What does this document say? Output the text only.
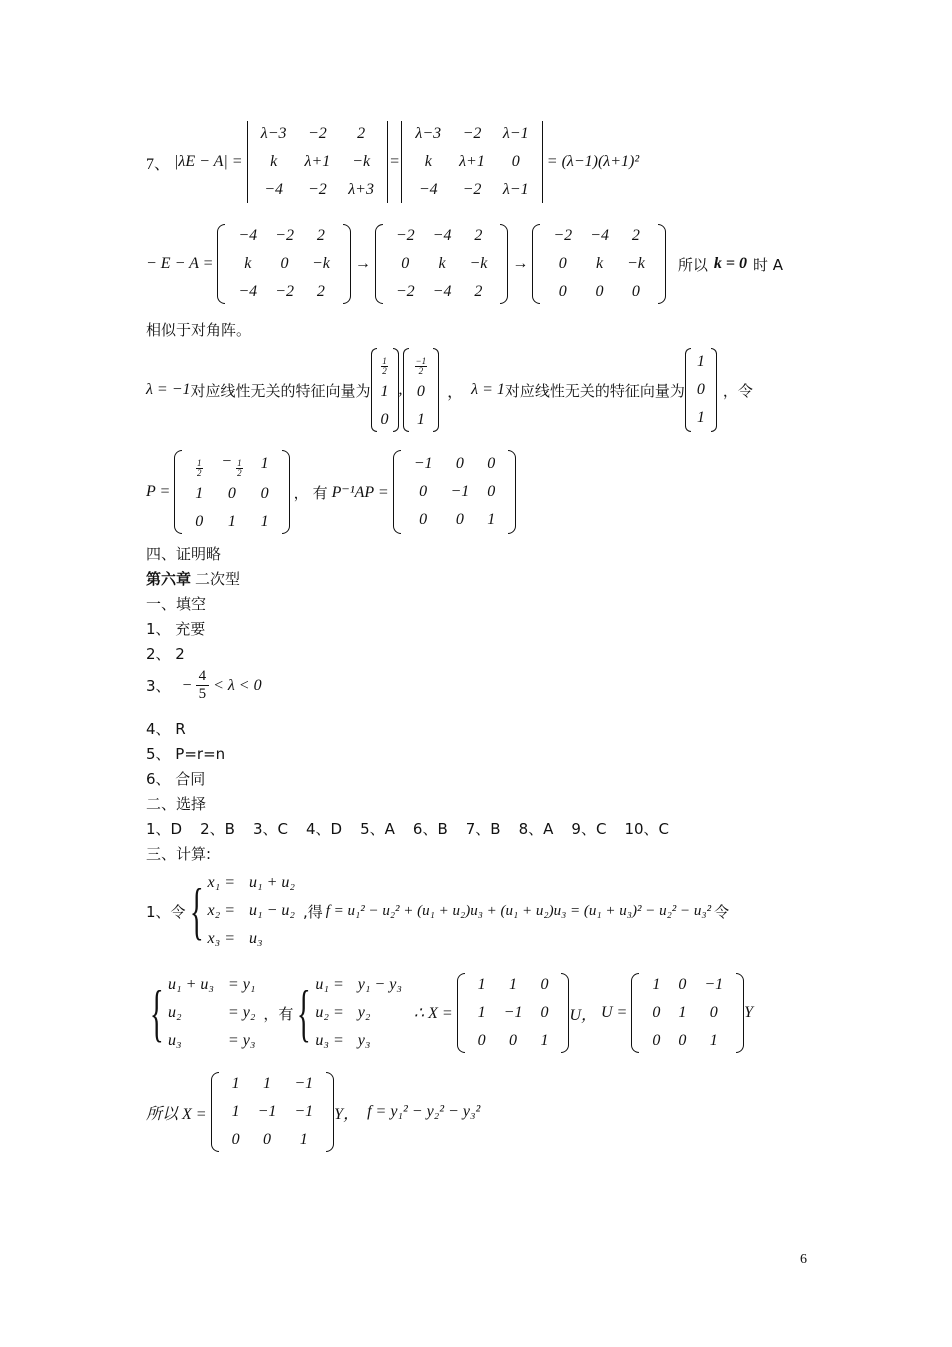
7、 |λE − A| =
λ−3	−2	2
k	λ+1	−k
−4	−2	λ+3
=
λ−3	−2	λ−1
k	λ+1	0
−4	−2	λ−1
= (λ−1)(λ+1)²
− E − A =
−4	−2	2
k	0	−k
−4	−2	2
→
−2	−4	2
0	k	−k
−2	−4	2
→
−2	−4	2
0	k	−k
0	0	0
所以 k = 0 时 A
相似于对角阵。
λ = −1 对应线性无关的特征向量为
$\frac{1}{2}$

1
0
,
$\frac{-1}{2}$

0
1
， λ = 1 对应线性无关的特征向量为
1
0
1
， 令
P =
$\frac{1}{2}$	− $\frac{1}{2}$	1
1	0	0
0	1	1
， 有 P⁻¹AP =
−1	0	0
0	−1	0
0	0	1
四、证明略
第六章 二次型
一、填空
1、 充要
2、 2
3、 − $\frac{4}{5} < \lambda < 0$
4、 R
5、 P=r=n
6、 合同
二、选择
1、D 2、B 3、C 4、D 5、A 6、B 7、B 8、A 9、C 10、C
三、计算:
1、令 { x₁ =	u₁ + u₂
x₂ =	u₁ − u₂
x₃ =	u₃
,得 f = u₁² − u₂² + (u₁ + u₂)u₃ + (u₁ + u₂)u₃ = (u₁ + u₃)² − u₂² − u₃² 令
{ u₁ + u₃	= y₁
u₂	= y₂
u₃	= y₃
，有 { u₁ =	y₁ − y₃
u₂ =	y₂
u₃ =	y₃
∴ X =
1	1	0
1	−1	0
0	0	1
U， U =
1	0	−1
0	1	0
0	0	1
Y
所以 X =
1	1	−1
1	−1	−1
0	0	1
Y， f = y₁² − y₂² − y₃²
6
